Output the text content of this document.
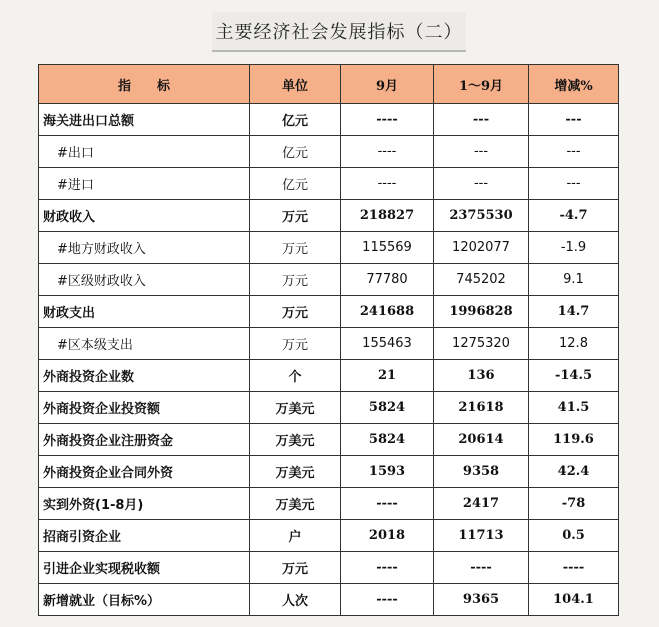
主要经济社会发展指标（二）
指　　标	单位	9月	1～9月	增减%
海关进出口总额	亿元	----	---	---
#出口	亿元	----	---	---
#进口	亿元	----	---	---
财政收入	万元	218827	2375530	-4.7
#地方财政收入	万元	115569	1202077	-1.9
#区级财政收入	万元	77780	745202	9.1
财政支出	万元	241688	1996828	14.7
#区本级支出	万元	155463	1275320	12.8
外商投资企业数	个	21	136	-14.5
外商投资企业投资额	万美元	5824	21618	41.5
外商投资企业注册资金	万美元	5824	20614	119.6
外商投资企业合同外资	万美元	1593	9358	42.4
实到外资(1-8月)	万美元	----	2417	-78
招商引资企业	户	2018	11713	0.5
引进企业实现税收额	万元	----	----	----
新增就业（目标%）	人次	----	9365	104.1
